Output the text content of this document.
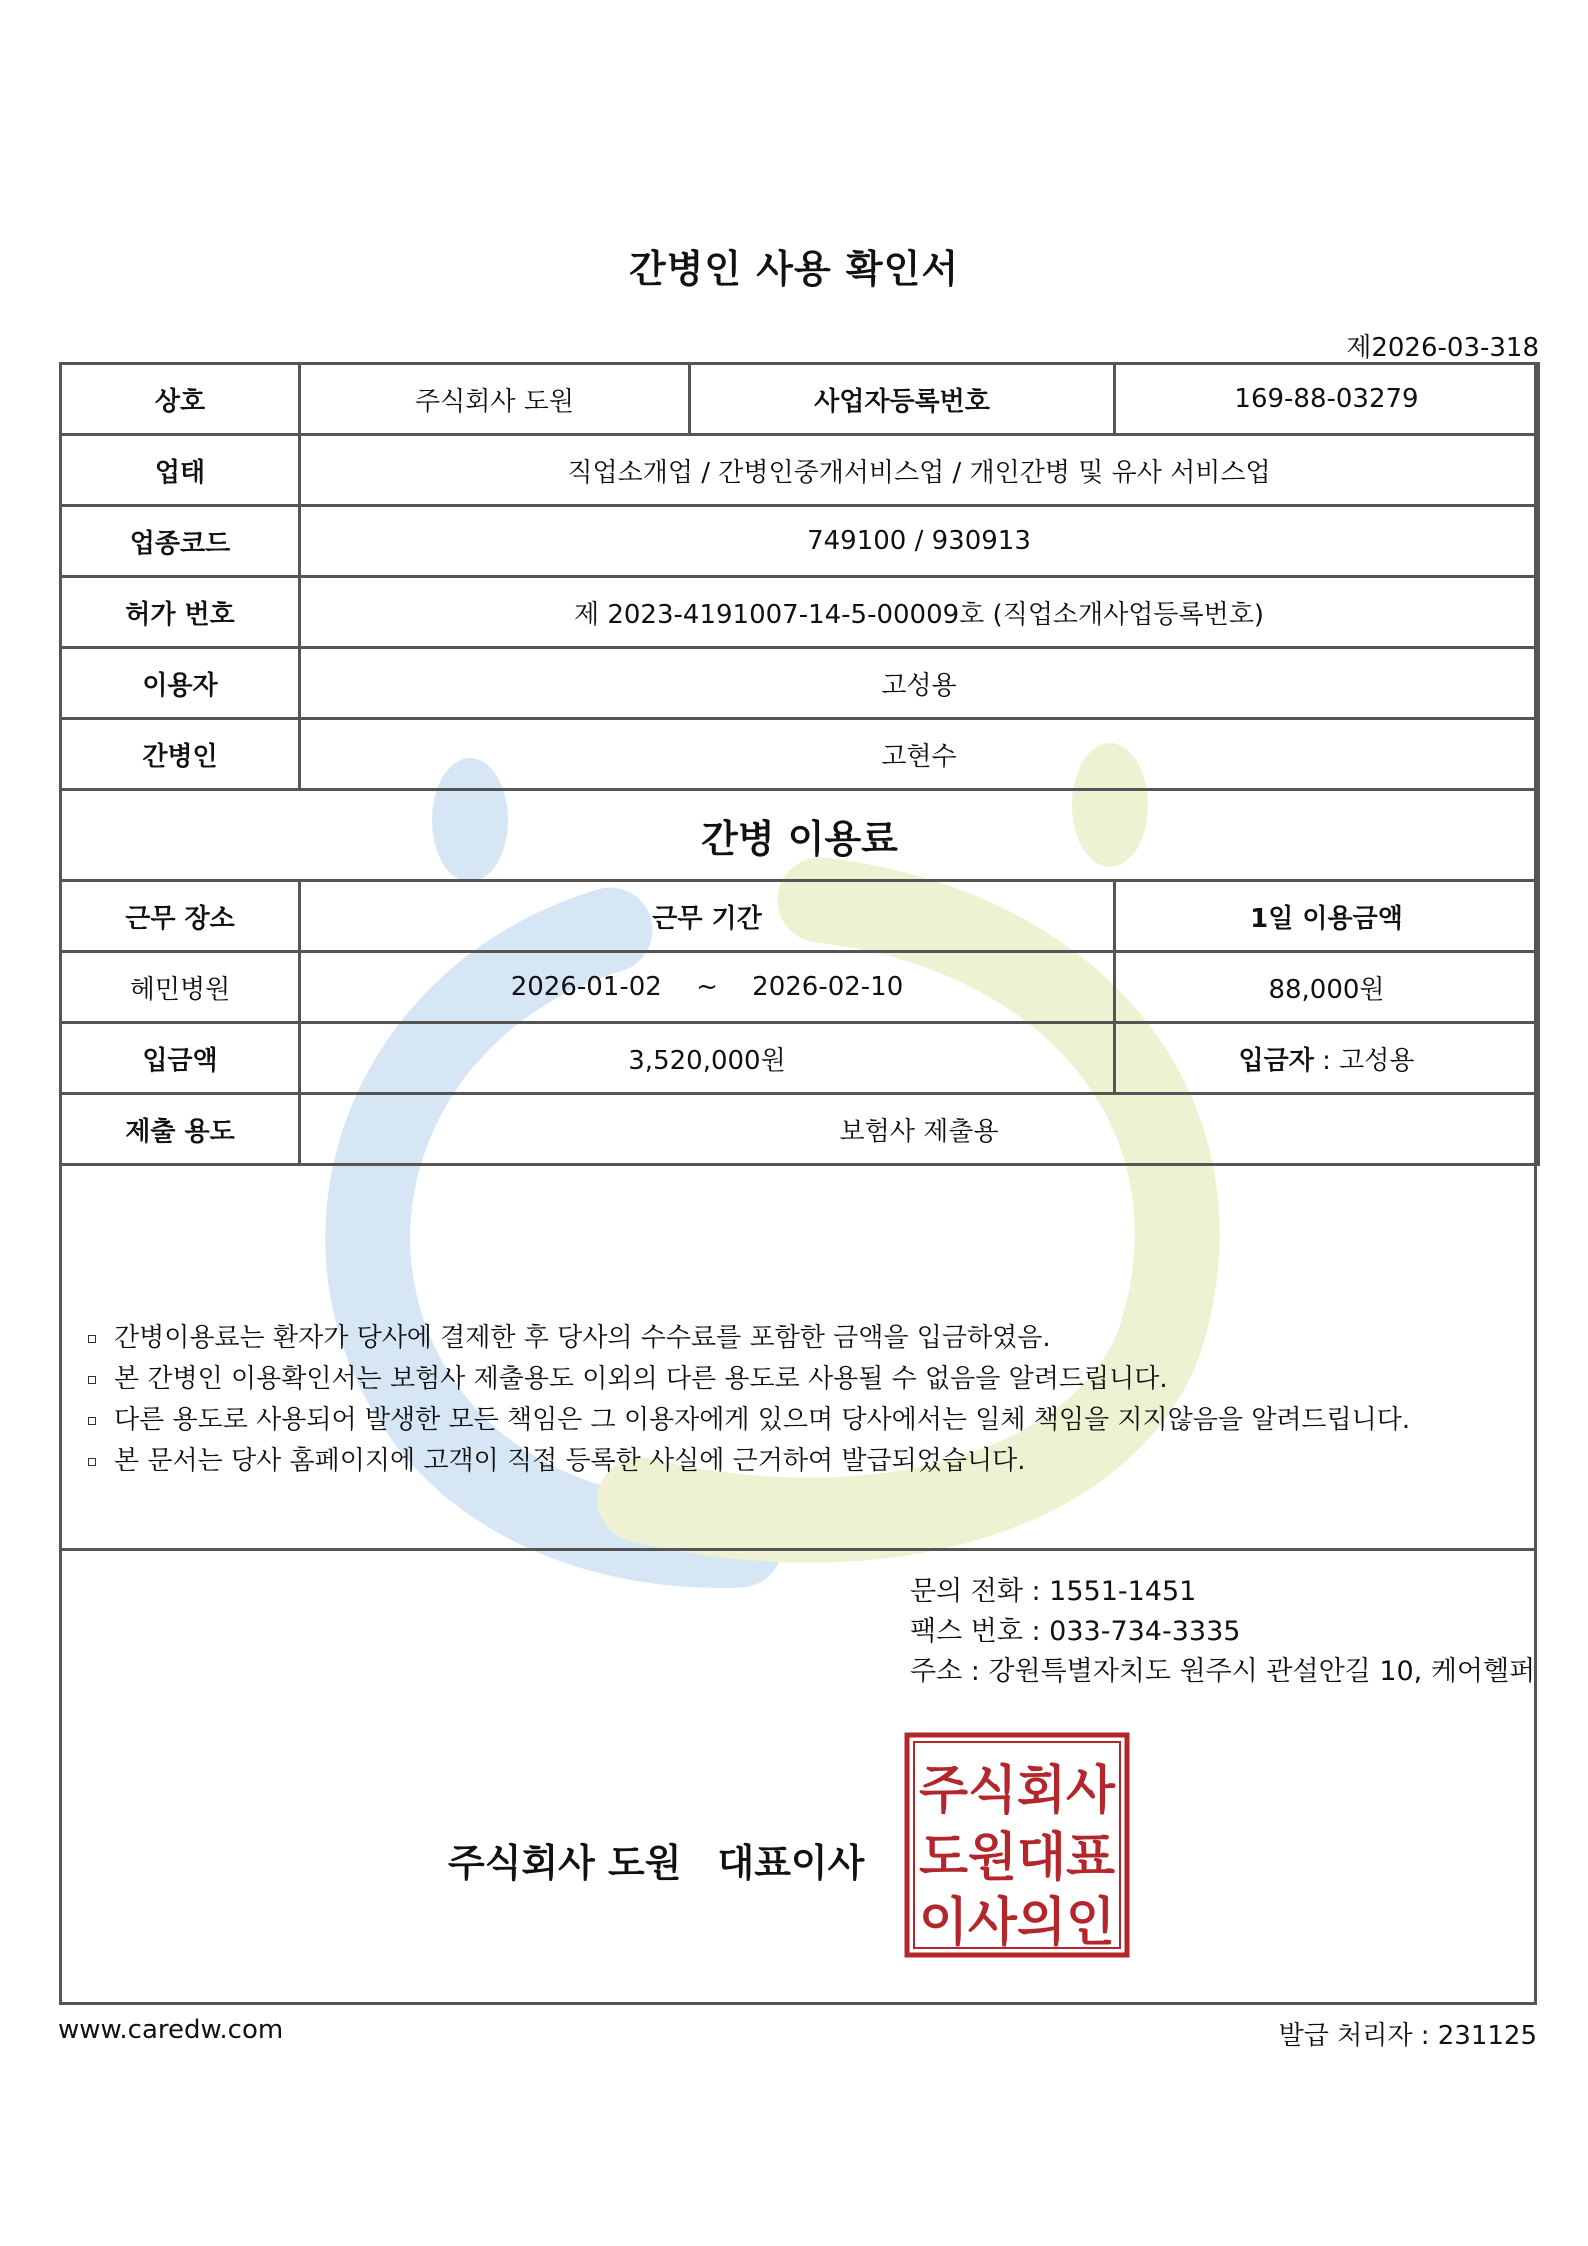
간병인 사용 확인서
제2026-03-318
상호	주식회사 도원	사업자등록번호	169-88-03279
업태	직업소개업 / 간병인중개서비스업 / 개인간병 및 유사 서비스업		
업종코드	749100 / 930913		
허가 번호	제 2023-4191007-14-5-00009호 (직업소개사업등록번호)		
이용자	고성용		
간병인	고현수		
간병 이용료			
근무 장소	근무 기간		1일 이용금액
헤민병원	2026-01-02 ~ 2026-02-10		88,000원
입금액	3,520,000원		입금자 : 고성용
제출 용도	보험사 제출용		
간병이용료는 환자가 당사에 결제한 후 당사의 수수료를 포함한 금액을 입금하였음.
본 간병인 이용확인서는 보험사 제출용도 이외의 다른 용도로 사용될 수 없음을 알려드립니다.
다른 용도로 사용되어 발생한 모든 책임은 그 이용자에게 있으며 당사에서는 일체 책임을 지지않음을 알려드립니다.
본 문서는 당사 홈페이지에 고객이 직접 등록한 사실에 근거하여 발급되었습니다.
문의 전화 : 1551-1451
팩스 번호 : 033-734-3335
주소 : 강원특별자치도 원주시 관설안길 10, 케어헬퍼
주식회사 도원 대표이사
주식회사
도원대표
이사의인
www.caredw.com	발급 처리자 : 231125
